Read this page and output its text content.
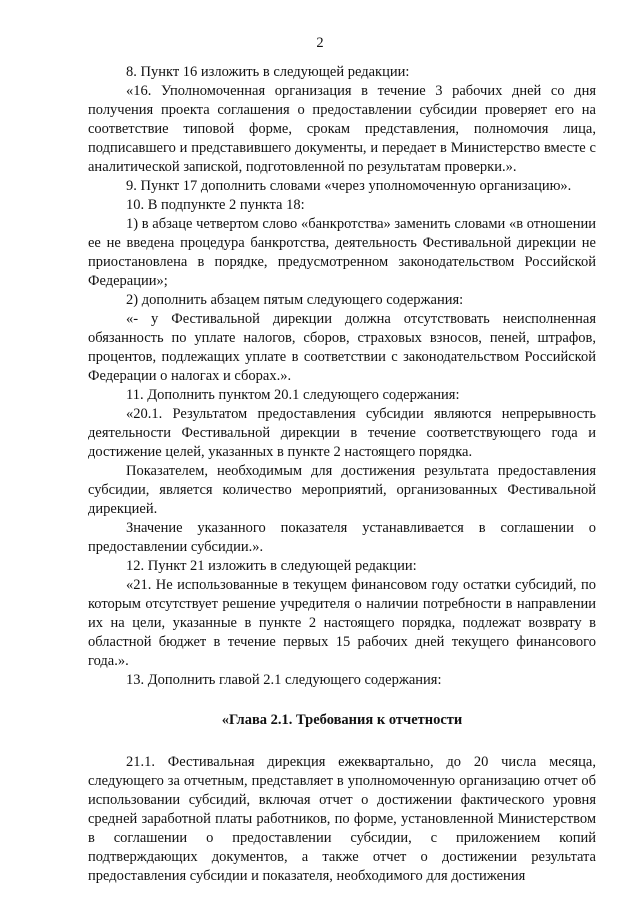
2

8. Пункт 16 изложить в следующей редакции:

«16. Уполномоченная организация в течение 3 рабочих дней со дня получения проекта соглашения о предоставлении субсидии проверяет его на соответствие типовой форме, срокам представления, полномочия лица, подписавшего и представившего документы, и передает в Министерство вместе с аналитической запиской, подготовленной по результатам проверки.».

9. Пункт 17 дополнить словами «через уполномоченную организацию».

10. В подпункте 2 пункта 18:

1) в абзаце четвертом слово «банкротства» заменить словами «в отношении ее не введена процедура банкротства, деятельность Фестивальной дирекции не приостановлена в порядке, предусмотренном законодательством Российской Федерации»;

2) дополнить абзацем пятым следующего содержания:

«- у Фестивальной дирекции должна отсутствовать неисполненная обязанность по уплате налогов, сборов, страховых взносов, пеней, штрафов, процентов, подлежащих уплате в соответствии с законодательством Российской Федерации о налогах и сборах.».

11. Дополнить пунктом 20.1 следующего содержания:

«20.1. Результатом предоставления субсидии являются непрерывность деятельности Фестивальной дирекции в течение соответствующего года и достижение целей, указанных в пункте 2 настоящего порядка.

Показателем, необходимым для достижения результата предоставления субсидии, является количество мероприятий, организованных Фестивальной дирекцией.

Значение указанного показателя устанавливается в соглашении о предоставлении субсидии.».

12. Пункт 21 изложить в следующей редакции:

«21. Не использованные в текущем финансовом году остатки субсидий, по которым отсутствует решение учредителя о наличии потребности в направлении их на цели, указанные в пункте 2 настоящего порядка, подлежат возврату в областной бюджет в течение первых 15 рабочих дней текущего финансового года.».

13. Дополнить главой 2.1 следующего содержания:

«Глава 2.1. Требования к отчетности

21.1. Фестивальная дирекция ежеквартально, до 20 числа месяца, следующего за отчетным, представляет в уполномоченную организацию отчет об использовании субсидий, включая отчет о достижении фактического уровня средней заработной платы работников, по форме, установленной Министерством в соглашении о предоставлении субсидии, с приложением копий подтверждающих документов, а также отчет о достижении результата предоставления субсидии и показателя, необходимого для достижения
